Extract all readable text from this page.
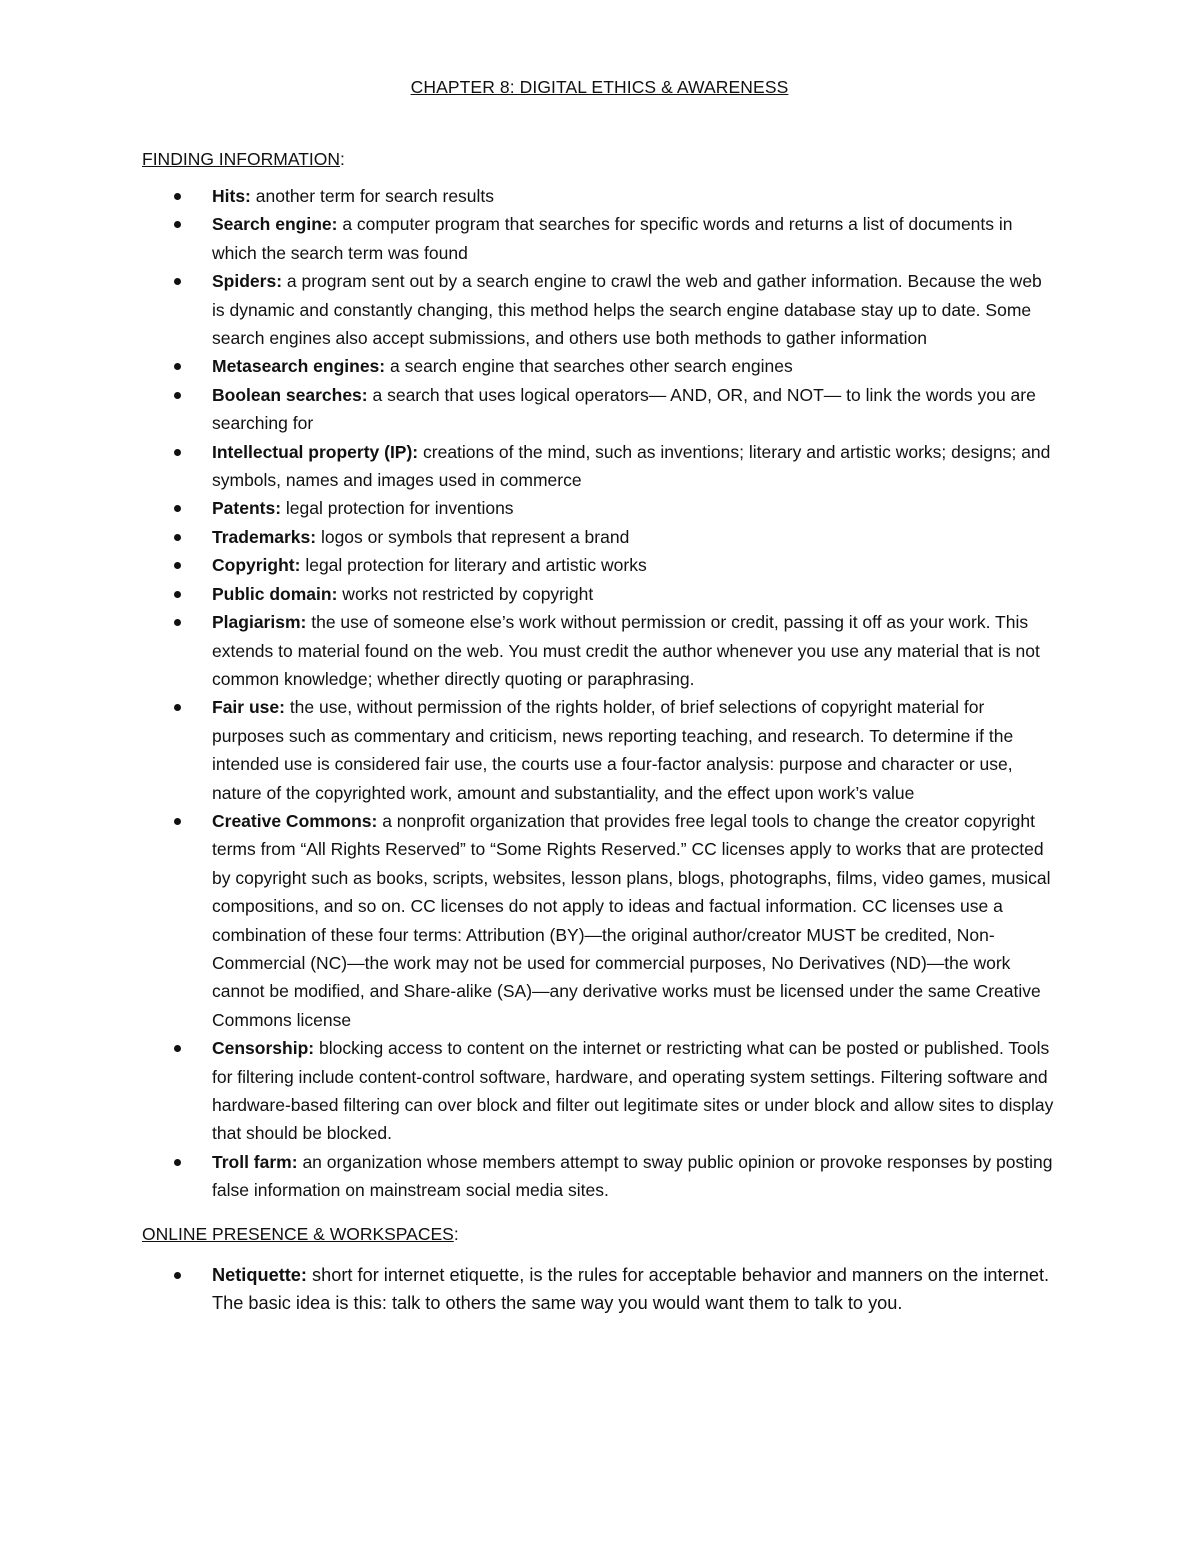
CHAPTER 8: DIGITAL ETHICS & AWARENESS
FINDING INFORMATION:
Hits: another term for search results
Search engine: a computer program that searches for specific words and returns a list of documents in which the search term was found
Spiders: a program sent out by a search engine to crawl the web and gather information. Because the web is dynamic and constantly changing, this method helps the search engine database stay up to date. Some search engines also accept submissions, and others use both methods to gather information
Metasearch engines: a search engine that searches other search engines
Boolean searches: a search that uses logical operators— AND, OR, and NOT— to link the words you are searching for
Intellectual property (IP): creations of the mind, such as inventions; literary and artistic works; designs; and symbols, names and images used in commerce
Patents: legal protection for inventions
Trademarks: logos or symbols that represent a brand
Copyright: legal protection for literary and artistic works
Public domain: works not restricted by copyright
Plagiarism: the use of someone else’s work without permission or credit, passing it off as your work. This extends to material found on the web. You must credit the author whenever you use any material that is not common knowledge; whether directly quoting or paraphrasing.
Fair use: the use, without permission of the rights holder, of brief selections of copyright material for purposes such as commentary and criticism, news reporting teaching, and research. To determine if the intended use is considered fair use, the courts use a four-factor analysis: purpose and character or use, nature of the copyrighted work, amount and substantiality, and the effect upon work’s value
Creative Commons: a nonprofit organization that provides free legal tools to change the creator copyright terms from “All Rights Reserved” to “Some Rights Reserved.” CC licenses apply to works that are protected by copyright such as books, scripts, websites, lesson plans, blogs, photographs, films, video games, musical compositions, and so on. CC licenses do not apply to ideas and factual information. CC licenses use a combination of these four terms: Attribution (BY)—the original author/creator MUST be credited, Non-Commercial (NC)—the work may not be used for commercial purposes, No Derivatives (ND)—the work cannot be modified, and Share-alike (SA)—any derivative works must be licensed under the same Creative Commons license
Censorship: blocking access to content on the internet or restricting what can be posted or published. Tools for filtering include content-control software, hardware, and operating system settings. Filtering software and hardware-based filtering can over block and filter out legitimate sites or under block and allow sites to display that should be blocked.
Troll farm: an organization whose members attempt to sway public opinion or provoke responses by posting false information on mainstream social media sites.
ONLINE PRESENCE & WORKSPACES:
Netiquette: short for internet etiquette, is the rules for acceptable behavior and manners on the internet. The basic idea is this: talk to others the same way you would want them to talk to you.
